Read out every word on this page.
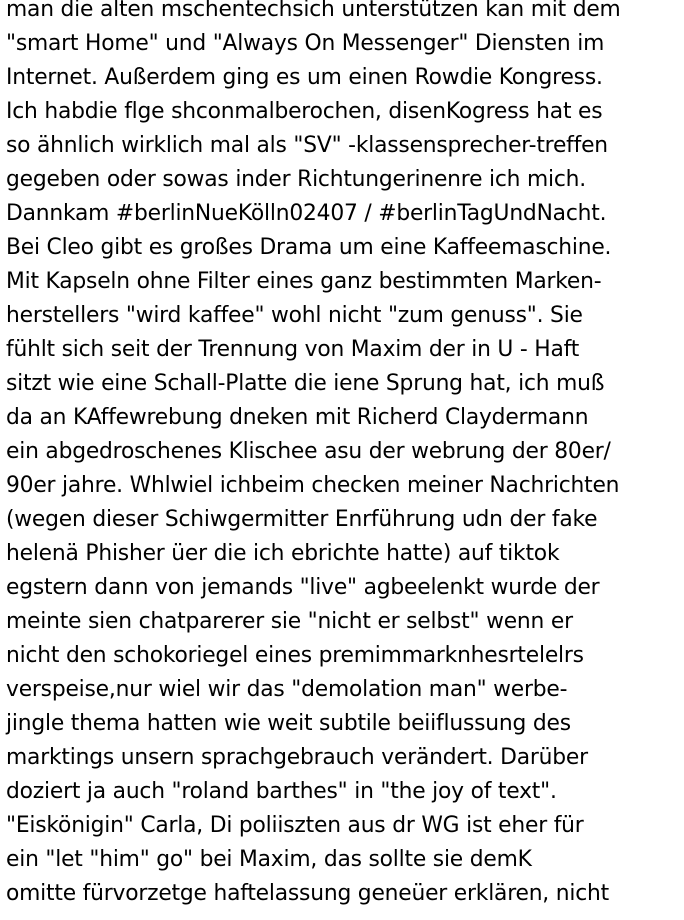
man die alten mschentechsich unterstützen kan mit dem
"smart Home" und "Always On Messenger" Diensten im
Internet. Außerdem ging es um einen Rowdie Kongress.
Ich habdie flge shconmalberochen, disenKogress hat es
so ähnlich wirklich mal als "SV" -klassensprecher-treffen
gegeben oder sowas inder Richtungerinenre ich mich.
Dannkam #berlinNueKölln02407 / #berlinTagUndNacht.
Bei Cleo gibt es großes Drama um eine Kaffeemaschine.
Mit Kapseln ohne Filter eines ganz bestimmten Marken-
herstellers "wird kaffee" wohl nicht "zum genuss". Sie
fühlt sich seit der Trennung von Maxim der in U - Haft
sitzt wie eine Schall-Platte die iene Sprung hat, ich muß
da an KAffewrebung dneken mit Richerd Claydermann
ein abgedroschenes Klischee asu der webrung der 80er/
90er jahre. Whlwiel ichbeim checken meiner Nachrichten
(wegen dieser Schiwgermitter Enrführung udn der fake
helenä Phisher üer die ich ebrichte hatte) auf tiktok
egstern dann von jemands "live" agbeelenkt wurde der
meinte sien chatparerer sie "nicht er selbst" wenn er
nicht den schokoriegel eines premimmarknhesrtelelrs
verspeise,nur wiel wir das "demolation man" werbe-
jingle thema hatten wie weit subtile beiiflussung des
marktings unsern sprachgebrauch verändert. Darüber
doziert ja auch "roland barthes" in "the joy of text".
"Eiskönigin" Carla, Di poliiszten aus dr WG ist eher für
ein "let "him" go" bei Maxim, das sollte sie demK
omitte fürvorzetge haftelassung geneüer erklären, nicht
